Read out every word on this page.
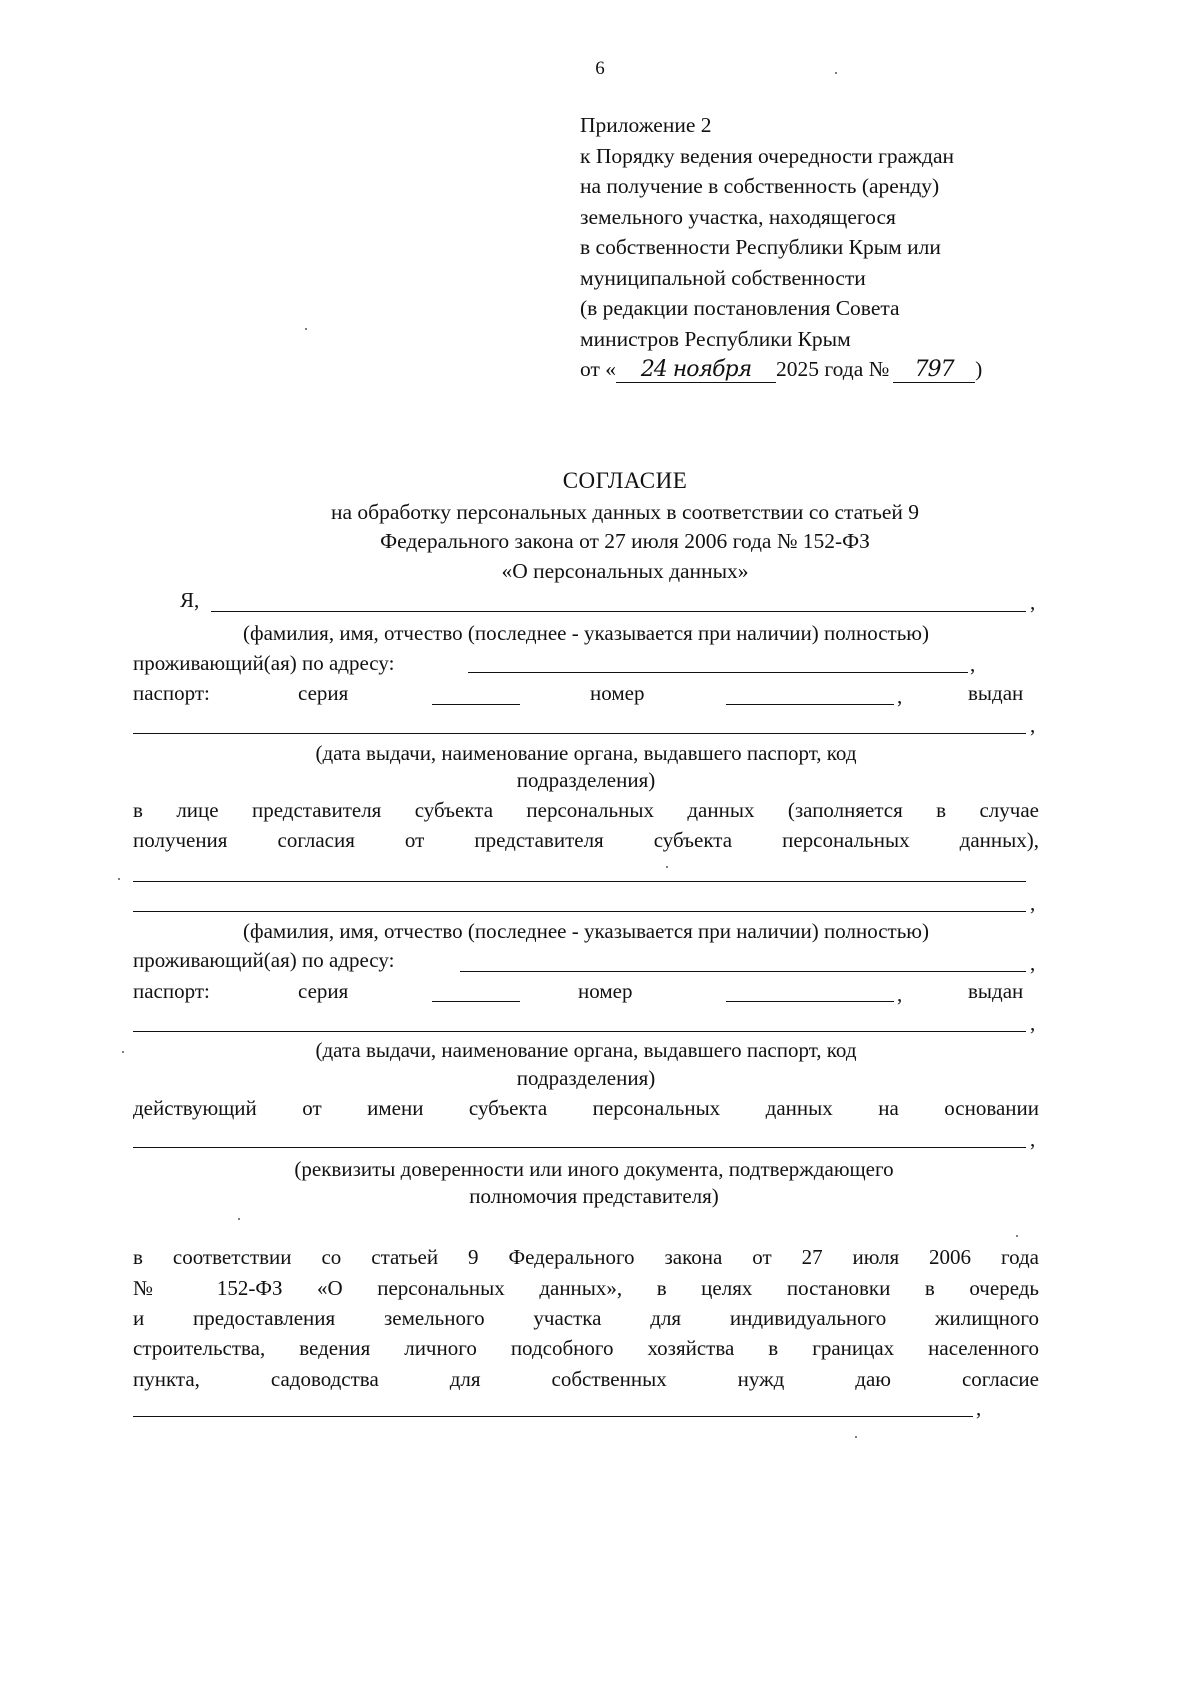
6
Приложение 2
к Порядку ведения очередности граждан
на получение в собственность (аренду)
земельного участка, находящегося
в собственности Республики Крым или
муниципальной собственности
(в редакции постановления Совета
министров Республики Крым
от « 24 ноября 2025 года № 797 )
СОГЛАСИЕ
на обработку персональных данных в соответствии со статьей 9
Федерального закона от 27 июля 2006 года № 152-ФЗ
«О персональных данных»
Я,	,
(фамилия, имя, отчество (последнее - указывается при наличии) полностью)
проживающий(ая) по адресу:	,
паспорт:	серия	номер	,	выдан
,
(дата выдачи, наименование органа, выдавшего паспорт, код
подразделения)
в лице представителя субъекта персональных данных (заполняется в случае
получения согласия от представителя субъекта персональных данных),
,
(фамилия, имя, отчество (последнее - указывается при наличии) полностью)
проживающий(ая) по адресу:	,
паспорт:	серия	номер	,	выдан
,
(дата выдачи, наименование органа, выдавшего паспорт, код
подразделения)
действующий от имени субъекта персональных данных на основании
,
(реквизиты доверенности или иного документа, подтверждающего
полномочия представителя)
в соответствии со статьей 9 Федерального закона от 27 июля 2006 года
№ 152-ФЗ «О персональных данных», в целях постановки в очередь
и предоставления земельного участка для индивидуального жилищного
строительства, ведения личного подсобного хозяйства в границах населенного
пункта, садоводства для собственных нужд даю согласие
,
